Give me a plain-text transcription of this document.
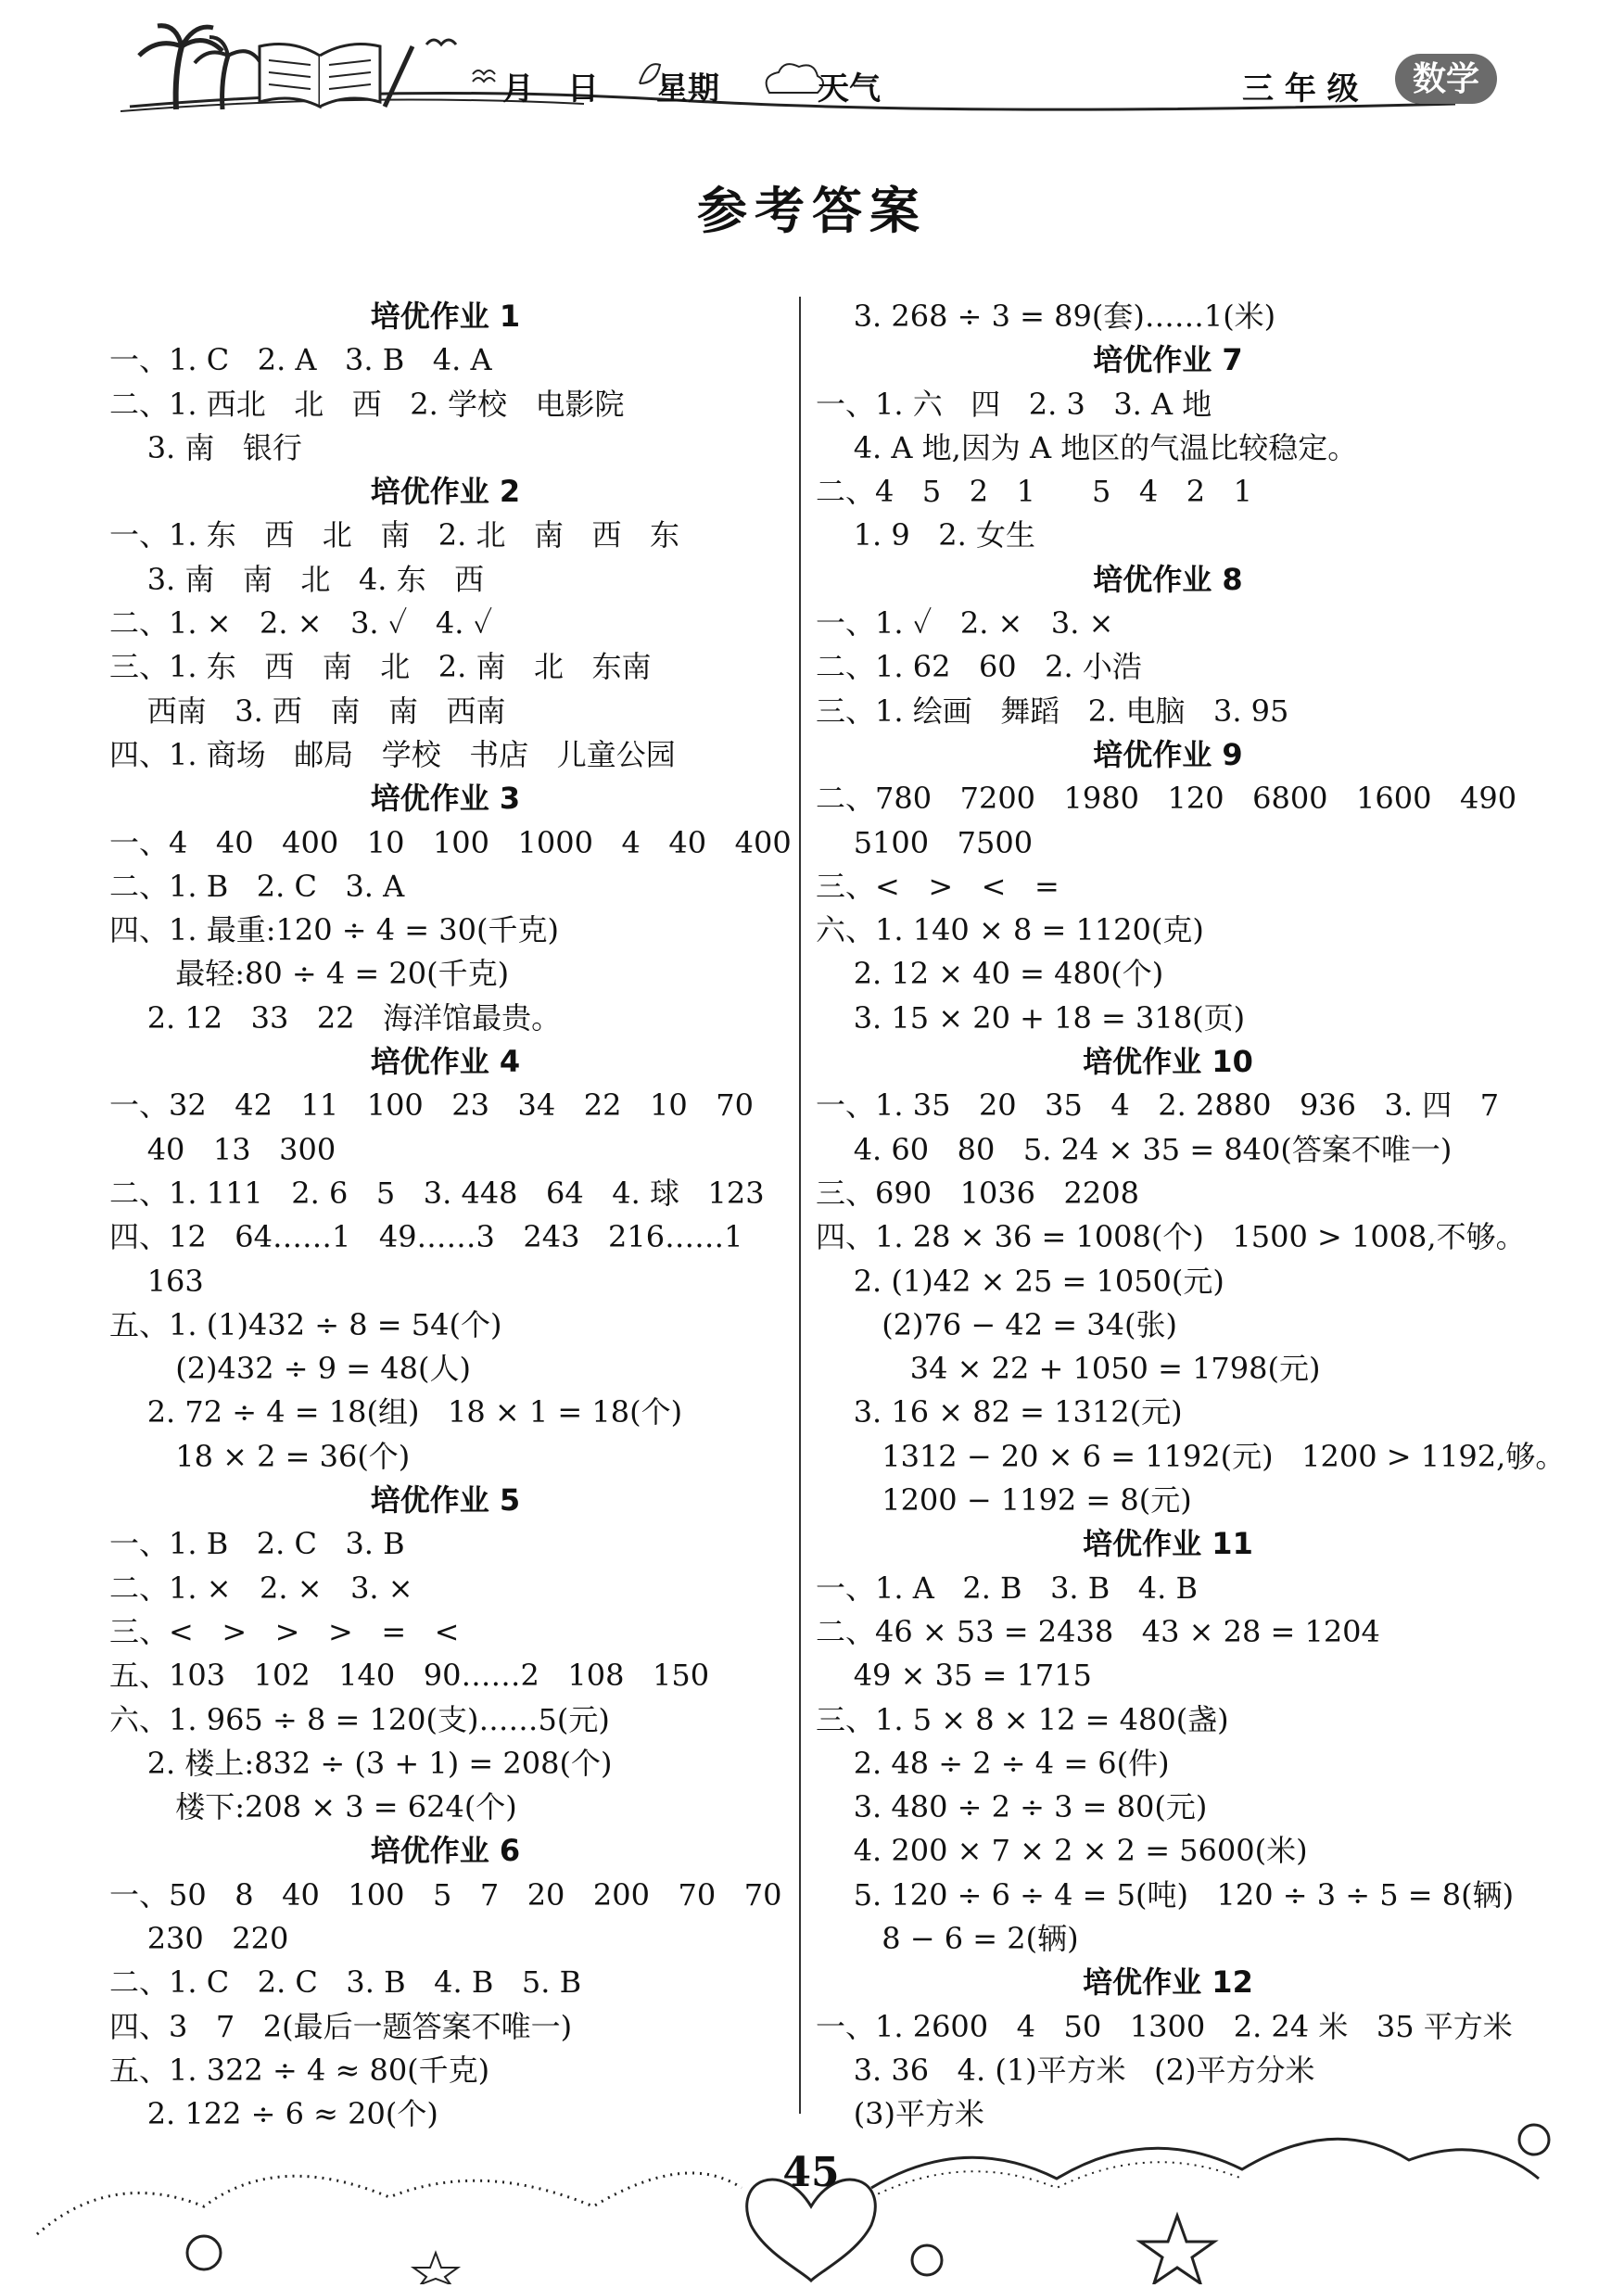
月 日 星期	天气	三 年 级	数学
参考答案
培优作业 1
一、1. C   2. A   3. B   4. A
二、1. 西北   北   西   2. 学校   电影院
3. 南   银行
培优作业 2
一、1. 东   西   北   南   2. 北   南   西   东
3. 南   南   北   4. 东   西
二、1. ×   2. ×   3. ✓   4. ✓
三、1. 东   西   南   北   2. 南   北   东南
西南   3. 西   南   南   西南
四、1. 商场   邮局   学校   书店   儿童公园
培优作业 3
一、4   40   400   10   100   1000   4   40   400
二、1. B   2. C   3. A
四、1. 最重:120 ÷ 4 = 30(千克)
最轻:80 ÷ 4 = 20(千克)
2. 12   33   22   海洋馆最贵。
培优作业 4
一、32   42   11   100   23   34   22   10   70
40   13   300
二、1. 111   2. 6   5   3. 448   64   4. 球   123
四、12   64……1   49……3   243   216……1
163
五、1. (1)432 ÷ 8 = 54(个)
(2)432 ÷ 9 = 48(人)
2. 72 ÷ 4 = 18(组)   18 × 1 = 18(个)
18 × 2 = 36(个)
培优作业 5
一、1. B   2. C   3. B
二、1. ×   2. ×   3. ×
三、<   >   >   >   =   <
五、103   102   140   90……2   108   150
六、1. 965 ÷ 8 = 120(支)……5(元)
2. 楼上:832 ÷ (3 + 1) = 208(个)
楼下:208 × 3 = 624(个)
培优作业 6
一、50   8   40   100   5   7   20   200   70   70
230   220
二、1. C   2. C   3. B   4. B   5. B
四、3   7   2(最后一题答案不唯一)
五、1. 322 ÷ 4 ≈ 80(千克)
2. 122 ÷ 6 ≈ 20(个)
3. 268 ÷ 3 = 89(套)……1(米)
培优作业 7
一、1. 六   四   2. 3   3. A 地
4. A 地,因为 A 地区的气温比较稳定。
二、4   5   2   1      5   4   2   1
1. 9   2. 女生
培优作业 8
一、1. ✓   2. ×   3. ×
二、1. 62   60   2. 小浩
三、1. 绘画   舞蹈   2. 电脑   3. 95
培优作业 9
二、780   7200   1980   120   6800   1600   490
5100   7500
三、<   >   <   =
六、1. 140 × 8 = 1120(克)
2. 12 × 40 = 480(个)
3. 15 × 20 + 18 = 318(页)
培优作业 10
一、1. 35   20   35   4   2. 2880   936   3. 四   7
4. 60   80   5. 24 × 35 = 840(答案不唯一)
三、690   1036   2208
四、1. 28 × 36 = 1008(个)   1500 > 1008,不够。
2. (1)42 × 25 = 1050(元)
(2)76 − 42 = 34(张)
34 × 22 + 1050 = 1798(元)
3. 16 × 82 = 1312(元)
1312 − 20 × 6 = 1192(元)   1200 > 1192,够。
1200 − 1192 = 8(元)
培优作业 11
一、1. A   2. B   3. B   4. B
二、46 × 53 = 2438   43 × 28 = 1204
49 × 35 = 1715
三、1. 5 × 8 × 12 = 480(盏)
2. 48 ÷ 2 ÷ 4 = 6(件)
3. 480 ÷ 2 ÷ 3 = 80(元)
4. 200 × 7 × 2 × 2 = 5600(米)
5. 120 ÷ 6 ÷ 4 = 5(吨)   120 ÷ 3 ÷ 5 = 8(辆)
8 − 6 = 2(辆)
培优作业 12
一、1. 2600   4   50   1300   2. 24 米   35 平方米
3. 36   4. (1)平方米   (2)平方分米
(3)平方米
45
